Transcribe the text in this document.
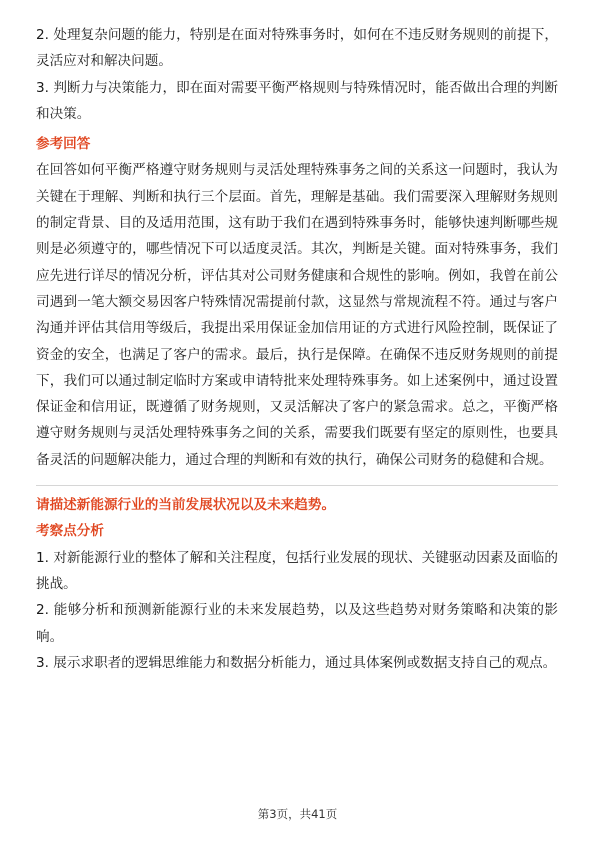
2. 处理复杂问题的能力，特别是在面对特殊事务时，如何在不违反财务规则的前提下，灵活应对和解决问题。

3. 判断力与决策能力，即在面对需要平衡严格规则与特殊情况时，能否做出合理的判断和决策。

参考回答

在回答如何平衡严格遵守财务规则与灵活处理特殊事务之间的关系这一问题时，我认为关键在于理解、判断和执行三个层面。首先，理解是基础。我们需要深入理解财务规则的制定背景、目的及适用范围，这有助于我们在遇到特殊事务时，能够快速判断哪些规则是必须遵守的，哪些情况下可以适度灵活。其次，判断是关键。面对特殊事务，我们应先进行详尽的情况分析，评估其对公司财务健康和合规性的影响。例如，我曾在前公司遇到一笔大额交易因客户特殊情况需提前付款，这显然与常规流程不符。通过与客户沟通并评估其信用等级后，我提出采用保证金加信用证的方式进行风险控制，既保证了资金的安全，也满足了客户的需求。最后，执行是保障。在确保不违反财务规则的前提下，我们可以通过制定临时方案或申请特批来处理特殊事务。如上述案例中，通过设置保证金和信用证，既遵循了财务规则，又灵活解决了客户的紧急需求。总之，平衡严格遵守财务规则与灵活处理特殊事务之间的关系，需要我们既要有坚定的原则性，也要具备灵活的问题解决能力，通过合理的判断和有效的执行，确保公司财务的稳健和合规。

请描述新能源行业的当前发展状况以及未来趋势。

考察点分析

1. 对新能源行业的整体了解和关注程度，包括行业发展的现状、关键驱动因素及面临的挑战。

2. 能够分析和预测新能源行业的未来发展趋势，以及这些趋势对财务策略和决策的影响。

3. 展示求职者的逻辑思维能力和数据分析能力，通过具体案例或数据支持自己的观点。

第3页，共41页
